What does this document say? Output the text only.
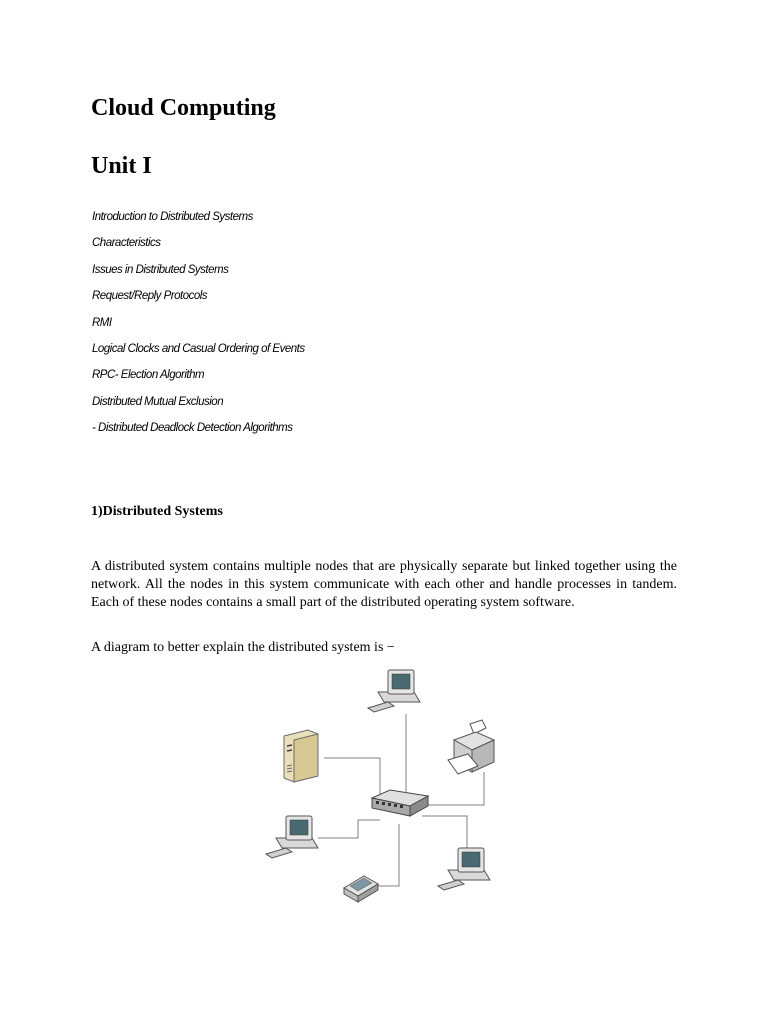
Cloud Computing
Unit I
Introduction to Distributed Systems
Characteristics
Issues in Distributed Systems
Request/Reply Protocols
RMI
Logical Clocks and Casual Ordering of Events
RPC- Election Algorithm
Distributed Mutual Exclusion
- Distributed Deadlock Detection Algorithms
1)Distributed Systems

A distributed system contains multiple nodes that are physically separate but linked together using the network. All the nodes in this system communicate with each other and handle processes in tandem. Each of these nodes contains a small part of the distributed operating system software.

A diagram to better explain the distributed system is −
